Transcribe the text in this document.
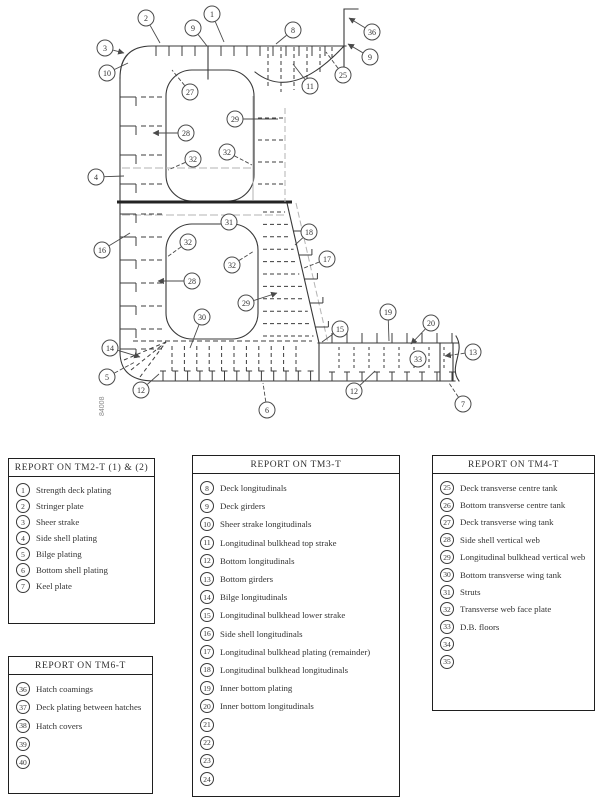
2	1
9	8	36
9
3
10
27
25
11
28
29
32
32
4
16
31
32
32
28
29
30
18
17
15
19
20
33
13
12
7
6
12
5
14
84008
REPORT ON TM2-T (1) & (2)
1	Strength deck plating
2	Stringer plate
3	Sheer strake
4	Side shell plating
5	Bilge plating
6	Bottom shell plating
7	Keel plate
REPORT ON TM3-T
8	Deck longitudinals
9	Deck girders
10	Sheer strake longitudinals
11	Longitudinal bulkhead top strake
12	Bottom longitudinals
13	Bottom girders
14	Bilge longitudinals
15	Longitudinal bulkhead lower strake
16	Side shell longitudinals
17	Longitudinal bulkhead plating (remainder)
18	Longitudinal bulkhead longitudinals
19	Inner bottom plating
20	Inner bottom longitudinals
21
22
23
24
REPORT ON TM4-T
25	Deck transverse centre tank
26	Bottom transverse centre tank
27	Deck transverse wing tank
28	Side shell vertical web
29	Longitudinal bulkhead vertical web
30	Bottom transverse wing tank
31	Struts
32	Transverse web face plate
33	D.B. floors
34
35
REPORT ON TM6-T
36	Hatch coamings
37	Deck plating between hatches
38	Hatch covers
39
40
